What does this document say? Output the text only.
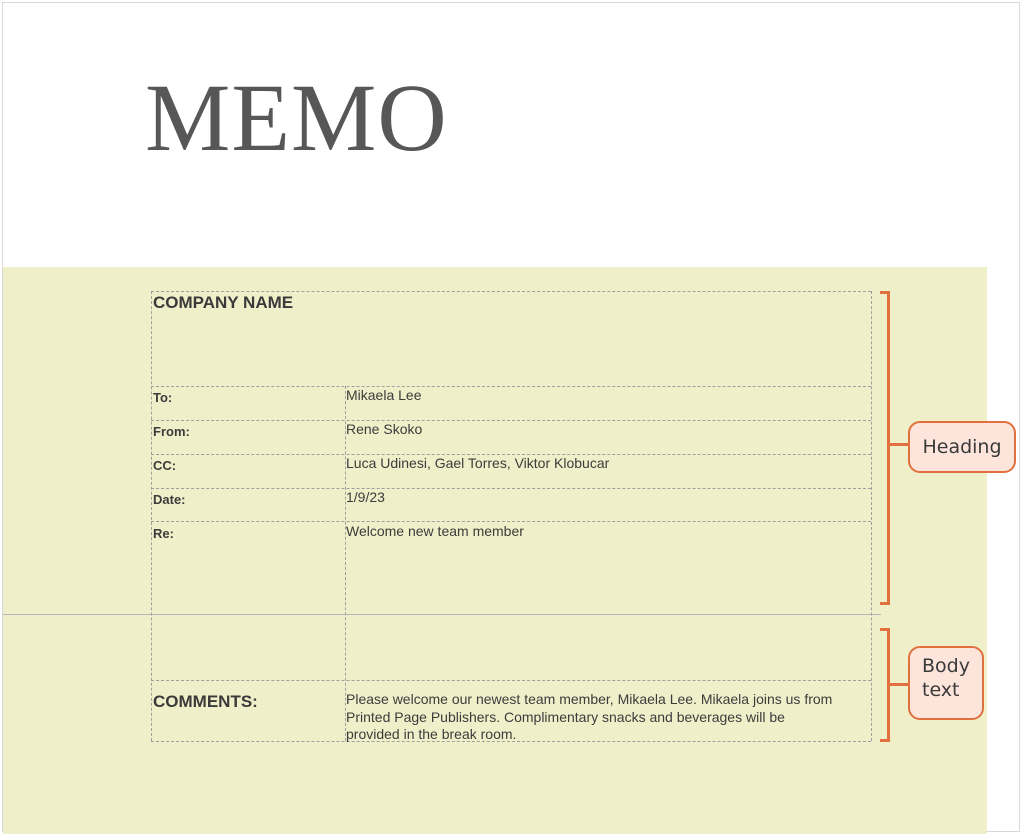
MEMO
COMPANY NAME
To:	Mikaela Lee
From:	Rene Skoko
CC:	Luca Udinesi, Gael Torres, Viktor Klobucar
Date:	1/9/23
Re:	Welcome new team member
COMMENTS:	Please welcome our newest team member, Mikaela Lee. Mikaela joins us from
Printed Page Publishers. Complimentary snacks and beverages will be
provided in the break room.
Heading
Body
text
